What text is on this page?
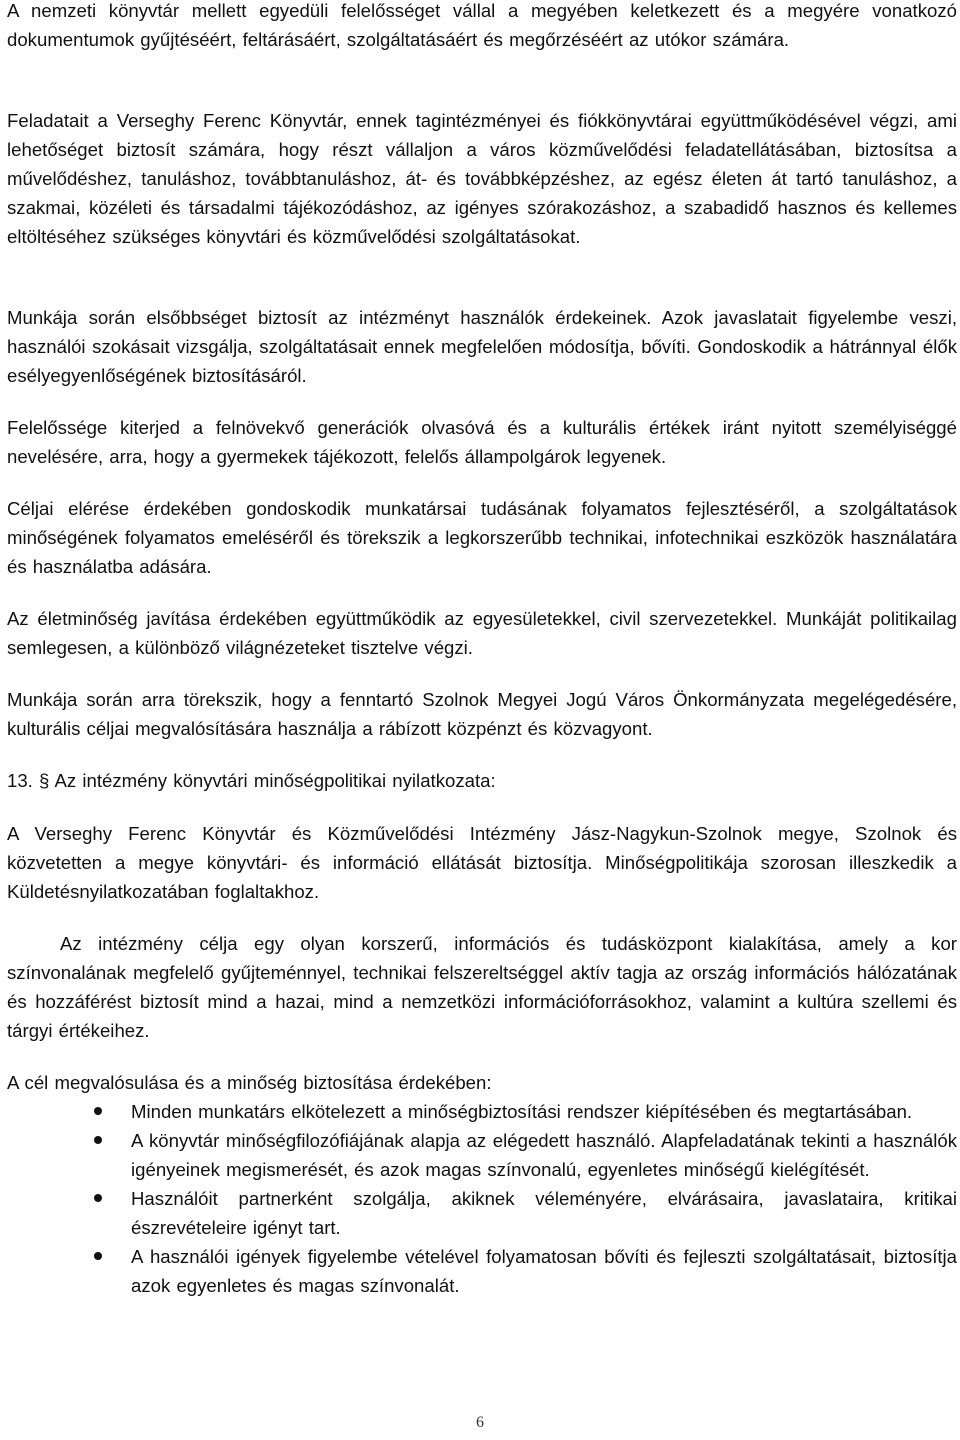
A nemzeti könyvtár mellett egyedüli felelősséget vállal a megyében keletkezett és a megyére vonatkozó dokumentumok gyűjtéséért, feltárásáért, szolgáltatásáért és megőrzéséért az utókor számára.

Feladatait a Verseghy Ferenc Könyvtár, ennek tagintézményei és fiókkönyvtárai együttműködésével végzi, ami lehetőséget biztosít számára, hogy részt vállaljon a város közművelődési feladatellátásában, biztosítsa a művelődéshez, tanuláshoz, továbbtanuláshoz, át- és továbbképzéshez, az egész életen át tartó tanuláshoz, a szakmai, közéleti és társadalmi tájékozódáshoz, az igényes szórakozáshoz, a szabadidő hasznos és kellemes eltöltéséhez szükséges könyvtári és közművelődési szolgáltatásokat.

Munkája során elsőbbséget biztosít az intézményt használók érdekeinek. Azok javaslatait figyelembe veszi, használói szokásait vizsgálja, szolgáltatásait ennek megfelelően módosítja, bővíti. Gondoskodik a hátránnyal élők esélyegyenlőségének biztosításáról.

Felelőssége kiterjed a felnövekvő generációk olvasóvá és a kulturális értékek iránt nyitott személyiséggé nevelésére, arra, hogy a gyermekek tájékozott, felelős állampolgárok legyenek.

Céljai elérése érdekében gondoskodik munkatársai tudásának folyamatos fejlesztéséről, a szolgáltatások minőségének folyamatos emeléséről és törekszik a legkorszerűbb technikai, infotechnikai eszközök használatára és használatba adására.

Az életminőség javítása érdekében együttműködik az egyesületekkel, civil szervezetekkel. Munkáját politikailag semlegesen, a különböző világnézeteket tisztelve végzi.

Munkája során arra törekszik, hogy a fenntartó Szolnok Megyei Jogú Város Önkormányzata megelégedésére, kulturális céljai megvalósítására használja a rábízott közpénzt és közvagyont.

13. § Az intézmény könyvtári minőségpolitikai nyilatkozata:

A Verseghy Ferenc Könyvtár és Közművelődési Intézmény Jász-Nagykun-Szolnok megye, Szolnok és közvetetten a megye könyvtári- és információ ellátását biztosítja. Minőségpolitikája szorosan illeszkedik a Küldetésnyilatkozatában foglaltakhoz.

Az intézmény célja egy olyan korszerű, információs és tudásközpont kialakítása, amely a kor színvonalának megfelelő gyűjteménnyel, technikai felszereltséggel aktív tagja az ország információs hálózatának és hozzáférést biztosít mind a hazai, mind a nemzetközi információforrásokhoz, valamint a kultúra szellemi és tárgyi értékeihez.

A cél megvalósulása és a minőség biztosítása érdekében:

Minden munkatárs elkötelezett a minőségbiztosítási rendszer kiépítésében és megtartásában.
A könyvtár minőségfilozófiájának alapja az elégedett használó. Alapfeladatának tekinti a használók igényeinek megismerését, és azok magas színvonalú, egyenletes minőségű kielégítését.
Használóit partnerként szolgálja, akiknek véleményére, elvárásaira, javaslataira, kritikai észrevételeire igényt tart.
A használói igények figyelembe vételével folyamatosan bővíti és fejleszti szolgáltatásait, biztosítja azok egyenletes és magas színvonalát.
6
